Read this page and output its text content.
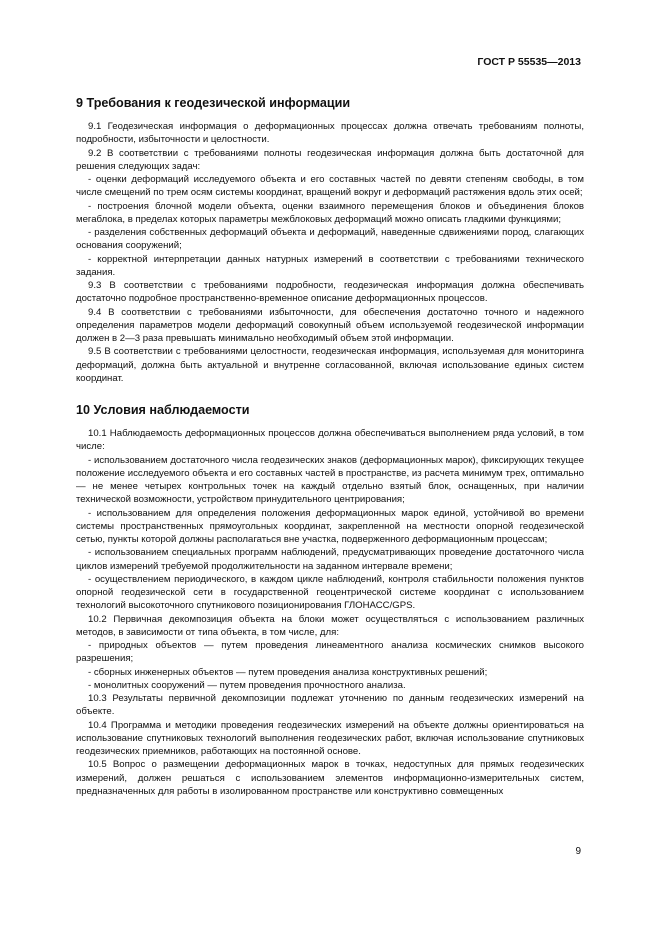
ГОСТ Р 55535—2013
9 Требования к геодезической информации

9.1 Геодезическая информация о деформационных процессах должна отвечать требованиям полноты, подробности, избыточности и целостности.

9.2 В соответствии с требованиями полноты геодезическая информация должна быть достаточной для решения следующих задач:

- оценки деформаций исследуемого объекта и его составных частей по девяти степеням свободы, в том числе смещений по трем осям системы координат, вращений вокруг и деформаций растяжения вдоль этих осей;

- построения блочной модели объекта, оценки взаимного перемещения блоков и объединения блоков мегаблока, в пределах которых параметры межблоковых деформаций можно описать гладкими функциями;

- разделения собственных деформаций объекта и деформаций, наведенные сдвижениями пород, слагающих основания сооружений;

- корректной интерпретации данных натурных измерений в соответствии с требованиями технического задания.

9.3 В соответствии с требованиями подробности, геодезическая информация должна обеспечивать достаточно подробное пространственно-временное описание деформационных процессов.

9.4 В соответствии с требованиями избыточности, для обеспечения достаточно точного и надежного определения параметров модели деформаций совокупный объем используемой геодезической информации должен в 2—3 раза превышать минимально необходимый объем этой информации.

9.5 В соответствии с требованиями целостности, геодезическая информация, используемая для мониторинга деформаций, должна быть актуальной и внутренне согласованной, включая использование единых систем координат.

10 Условия наблюдаемости

10.1 Наблюдаемость деформационных процессов должна обеспечиваться выполнением ряда условий, в том числе:

- использованием достаточного числа геодезических знаков (деформационных марок), фиксирующих текущее положение исследуемого объекта и его составных частей в пространстве, из расчета минимум трех, оптимально — не менее четырех контрольных точек на каждый отдельно взятый блок, оснащенных, при наличии технической возможности, устройством принудительного центрирования;

- использованием для определения положения деформационных марок единой, устойчивой во времени системы пространственных прямоугольных координат, закрепленной на местности опорной геодезической сетью, пункты которой должны располагаться вне участка, подверженного деформационным процессам;

- использованием специальных программ наблюдений, предусматривающих проведение достаточного числа циклов измерений требуемой продолжительности на заданном интервале времени;

- осуществлением периодического, в каждом цикле наблюдений, контроля стабильности положения пунктов опорной геодезической сети в государственной геоцентрической системе координат с использованием технологий высокоточного спутникового позиционирования ГЛОНАСС/GPS.

10.2 Первичная декомпозиция объекта на блоки может осуществляться с использованием различных методов, в зависимости от типа объекта, в том числе, для:

- природных объектов — путем проведения линеаментного анализа космических снимков высокого разрешения;

- сборных инженерных объектов — путем проведения анализа конструктивных решений;

- монолитных сооружений — путем проведения прочностного анализа.

10.3 Результаты первичной декомпозиции подлежат уточнению по данным геодезических измерений на объекте.

10.4 Программа и методики проведения геодезических измерений на объекте должны ориентироваться на использование спутниковых технологий выполнения геодезических работ, включая использование спутниковых геодезических приемников, работающих на постоянной основе.

10.5 Вопрос о размещении деформационных марок в точках, недоступных для прямых геодезических измерений, должен решаться с использованием элементов информационно-измерительных систем, предназначенных для работы в изолированном пространстве или конструктивно совмещенных

9
